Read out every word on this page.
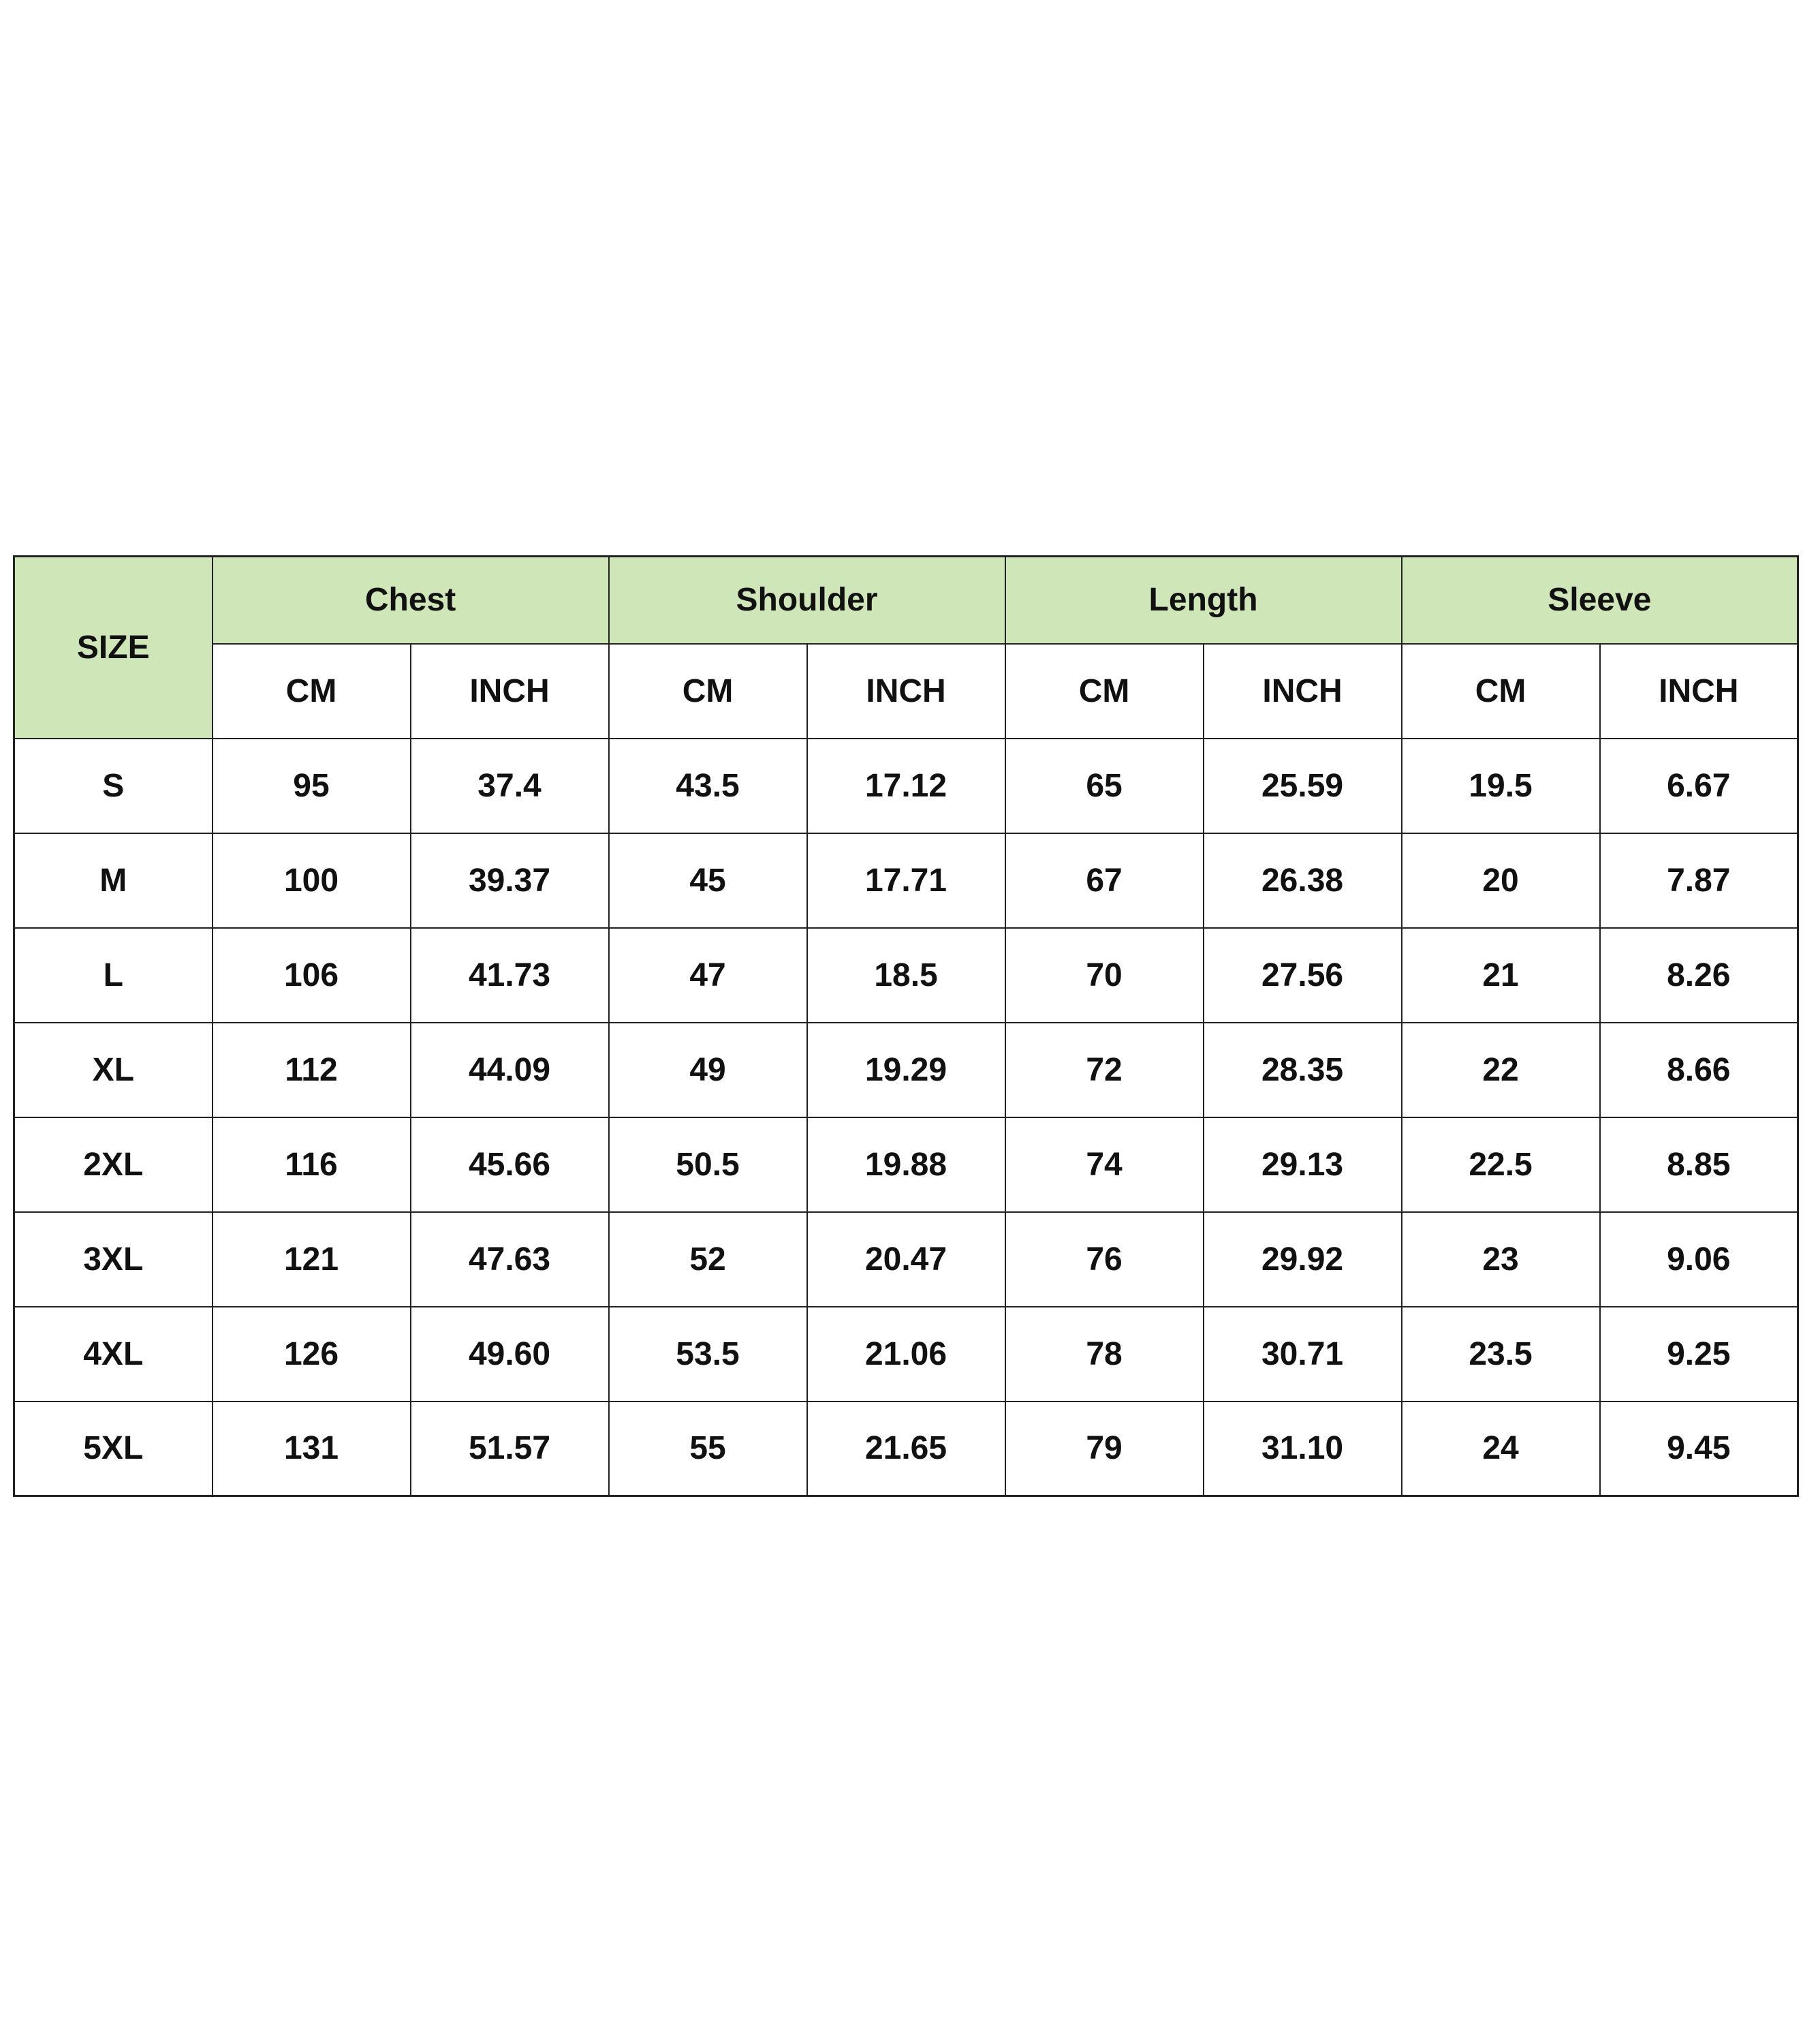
SIZE	Chest		Shoulder		Length		Sleeve	
	CM	INCH	CM	INCH	CM	INCH	CM	INCH
S	95	37.4	43.5	17.12	65	25.59	19.5	6.67
M	100	39.37	45	17.71	67	26.38	20	7.87
L	106	41.73	47	18.5	70	27.56	21	8.26
XL	112	44.09	49	19.29	72	28.35	22	8.66
2XL	116	45.66	50.5	19.88	74	29.13	22.5	8.85
3XL	121	47.63	52	20.47	76	29.92	23	9.06
4XL	126	49.60	53.5	21.06	78	30.71	23.5	9.25
5XL	131	51.57	55	21.65	79	31.10	24	9.45
